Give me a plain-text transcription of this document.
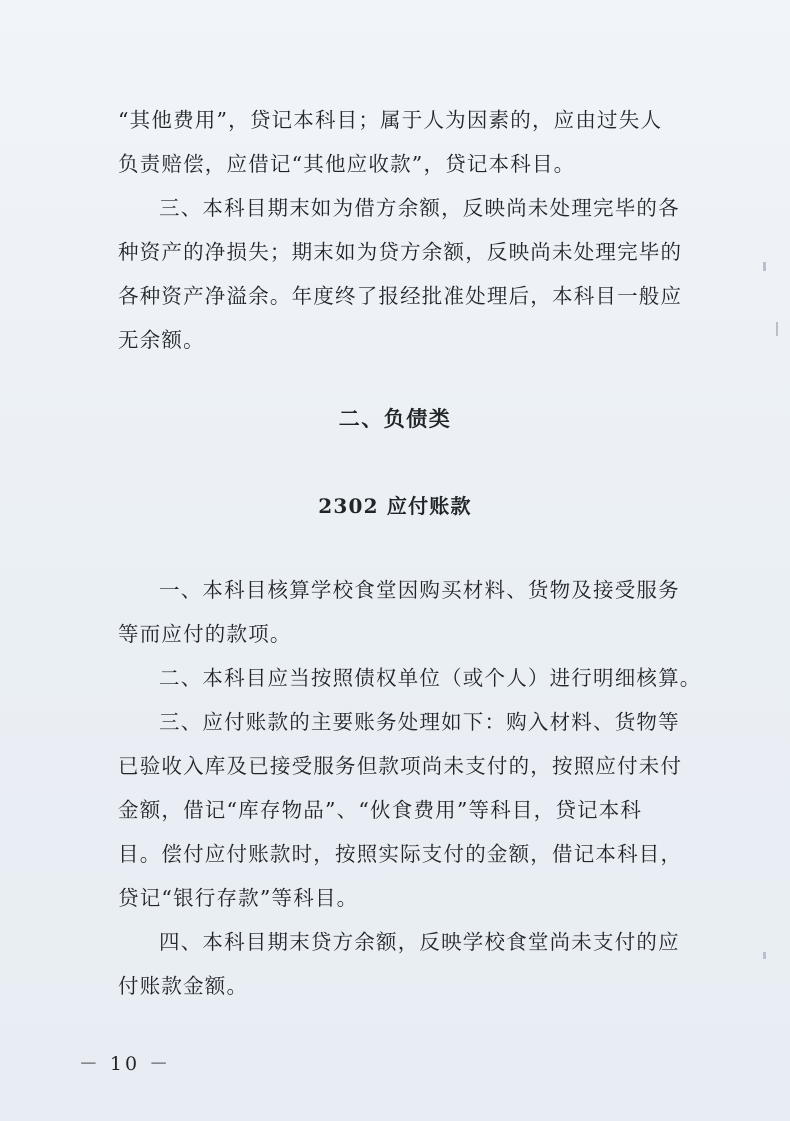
“其他费用”，贷记本科目；属于人为因素的，应由过失人
负责赔偿，应借记“其他应收款”，贷记本科目。
三、本科目期末如为借方余额，反映尚未处理完毕的各
种资产的净损失；期末如为贷方余额，反映尚未处理完毕的
各种资产净溢余。年度终了报经批准处理后，本科目一般应
无余额。
二、负债类
2302 应付账款
一、本科目核算学校食堂因购买材料、货物及接受服务
等而应付的款项。
二、本科目应当按照债权单位（或个人）进行明细核算。
三、应付账款的主要账务处理如下：购入材料、货物等
已验收入库及已接受服务但款项尚未支付的，按照应付未付
金额，借记“库存物品”、“伙食费用”等科目，贷记本科
目。偿付应付账款时，按照实际支付的金额，借记本科目，
贷记“银行存款”等科目。
四、本科目期末贷方余额，反映学校食堂尚未支付的应
付账款金额。

－ 10 －
